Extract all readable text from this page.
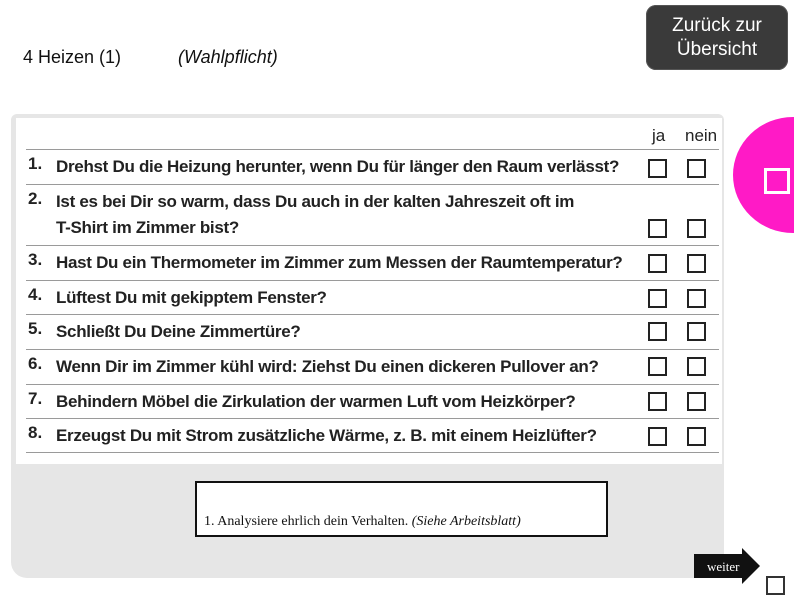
4 Heizen (1)	(Wahlpflicht)
Zurück zur Übersicht
ja nein
1. Drehst Du die Heizung herunter, wenn Du für länger den Raum verlässt?
2. Ist es bei Dir so warm, dass Du auch in der kalten Jahreszeit oft im T-Shirt im Zimmer bist?
3. Hast Du ein Thermometer im Zimmer zum Messen der Raumtemperatur?
4. Lüftest Du mit gekipptem Fenster?
5. Schließt Du Deine Zimmertüre?
6. Wenn Dir im Zimmer kühl wird: Ziehst Du einen dickeren Pullover an?
7. Behindern Möbel die Zirkulation der warmen Luft vom Heizkörper?
8. Erzeugst Du mit Strom zusätzliche Wärme, z. B. mit einem Heizlüfter?
1. Analysiere ehrlich dein Verhalten. (Siehe Arbeitsblatt)
weiter
